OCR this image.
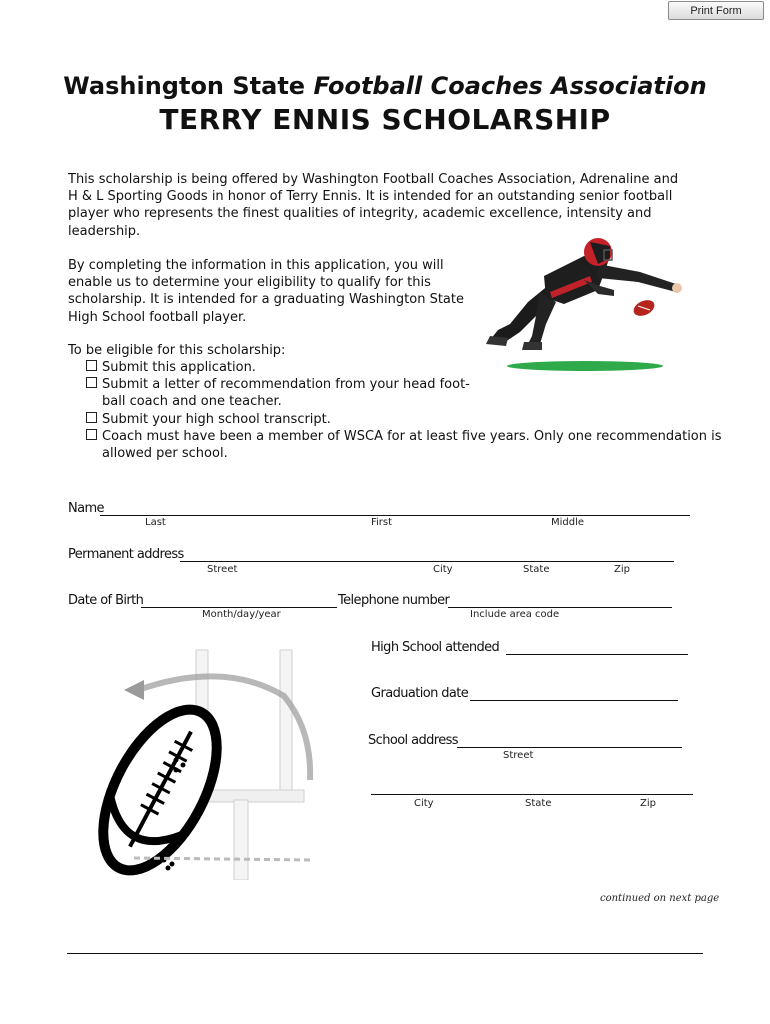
Print Form
Washington State Football Coaches Association
TERRY ENNIS SCHOLARSHIP
This scholarship is being offered by Washington Football Coaches Association, Adrenaline and H & L Sporting Goods in honor of Terry Ennis. It is intended for an outstanding senior football player who represents the finest qualities of integrity, academic excellence, intensity and leadership.
By completing the information in this application, you will enable us to determine your eligibility to qualify for this scholarship. It is intended for a graduating Washington State High School football player.
To be eligible for this scholarship:
Submit this application.
Submit a letter of recommendation from your head foot-
ball coach and one teacher.
Submit your high school transcript.
Coach must have been a member of WSCA for at least five years. Only one recommendation is
allowed per school.
Name
Last	First	Middle
Permanent address
Street	City	State	Zip
Date of Birth
Month/day/year
Telephone number
Include area code
High School attended
Graduation date
School address
Street
City	State	Zip
continued on next page
